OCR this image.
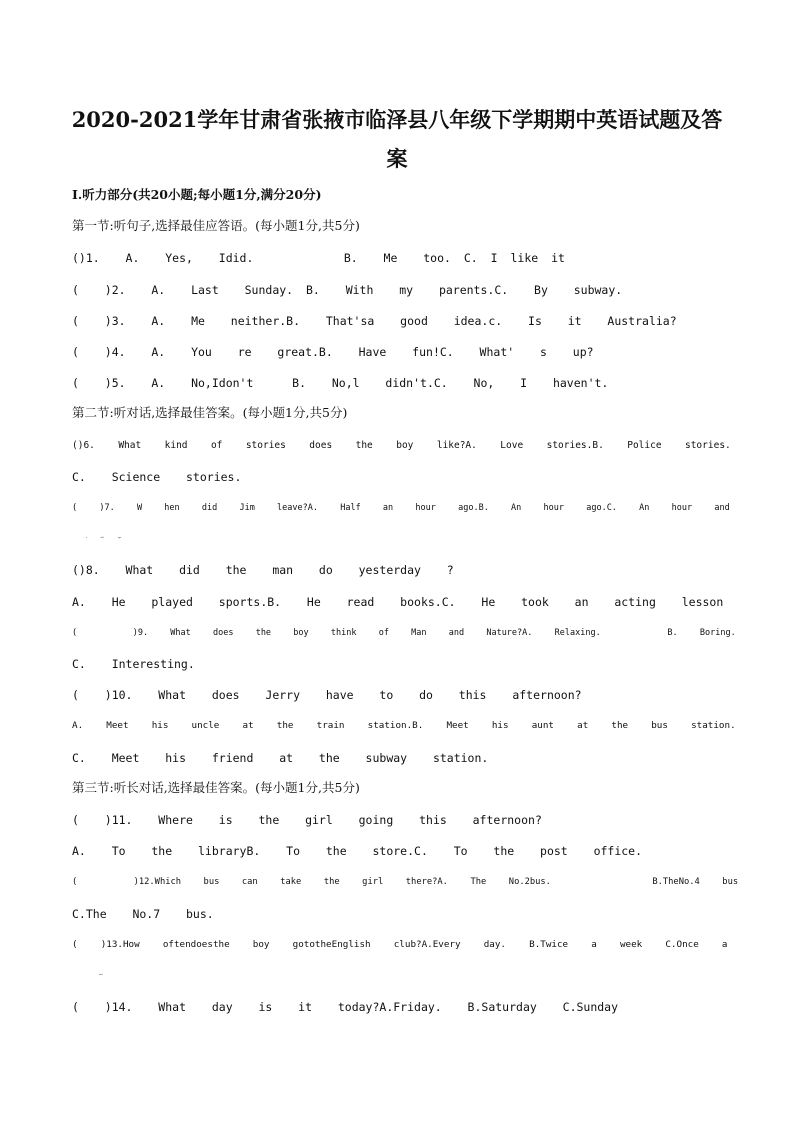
2020-2021学年甘肃省张掖市临泽县八年级下学期期中英语试题及答
案
I.听力部分(共20小题;每小题1分,满分20分)
第一节:听句子,选择最佳应答语。(每小题1分,共5分)
()1.  A.  Yes,  Idid.       B.  Me  too. C. I like it
(  )2.  A.  Last  Sunday. B.  With  my  parents.C.  By  subway.
(  )3.  A.  Me  neither.B.  That'sa  good  idea.c.  Is  it  Australia?
(  )4.  A.  You  re  great.B.  Have  fun!C.  What'  s  up?
(  )5.  A.  No,Idon't   B.  No,l  didn't.C.  No,  I  haven't.
第二节:听对话,选择最佳答案。(每小题1分,共5分)
()6.  What  kind  of  stories  does  the  boy  like?A.  Love  stories.B.  Police  stories.
C.  Science  stories.
(  )7.  W  hen  did  Jim  leave?A.  Half  an  hour  ago.B.  An  hour  ago.C.  An  hour  and
a  half  ago.
()8.  What  did  the  man  do  yesterday  ?
A.  He  played  sports.B.  He  read  books.C.  He  took  an  acting  lesson
(     )9.  What  does  the  boy  think  of  Man  and  Nature?A.  Relaxing.      B.  Boring.
C.  Interesting.
(  )10.  What  does  Jerry  have  to  do  this  afternoon?
A.  Meet  his  uncle  at  the  train  station.B.  Meet  his  aunt  at  the  bus  station.
C.  Meet  his  friend  at  the  subway  station.
第三节:听长对话,选择最佳答案。(每小题1分,共5分)
(  )11.  Where  is  the  girl  going  this  afternoon?
A.  To  the  libraryB.  To  the  store.C.  To  the  post  office.
(     )12.Which  bus  can  take  the  girl  there?A.  The  No.2bus.         B.TheNo.4  bus
C.The  No.7  bus.
(  )13.How  oftendoesthe  boy  gototheEnglish  club?A.Every  day.  B.Twice  a  week  C.Once  a
week
(  )14.  What  day  is  it  today?A.Friday.  B.Saturday  C.Sunday
